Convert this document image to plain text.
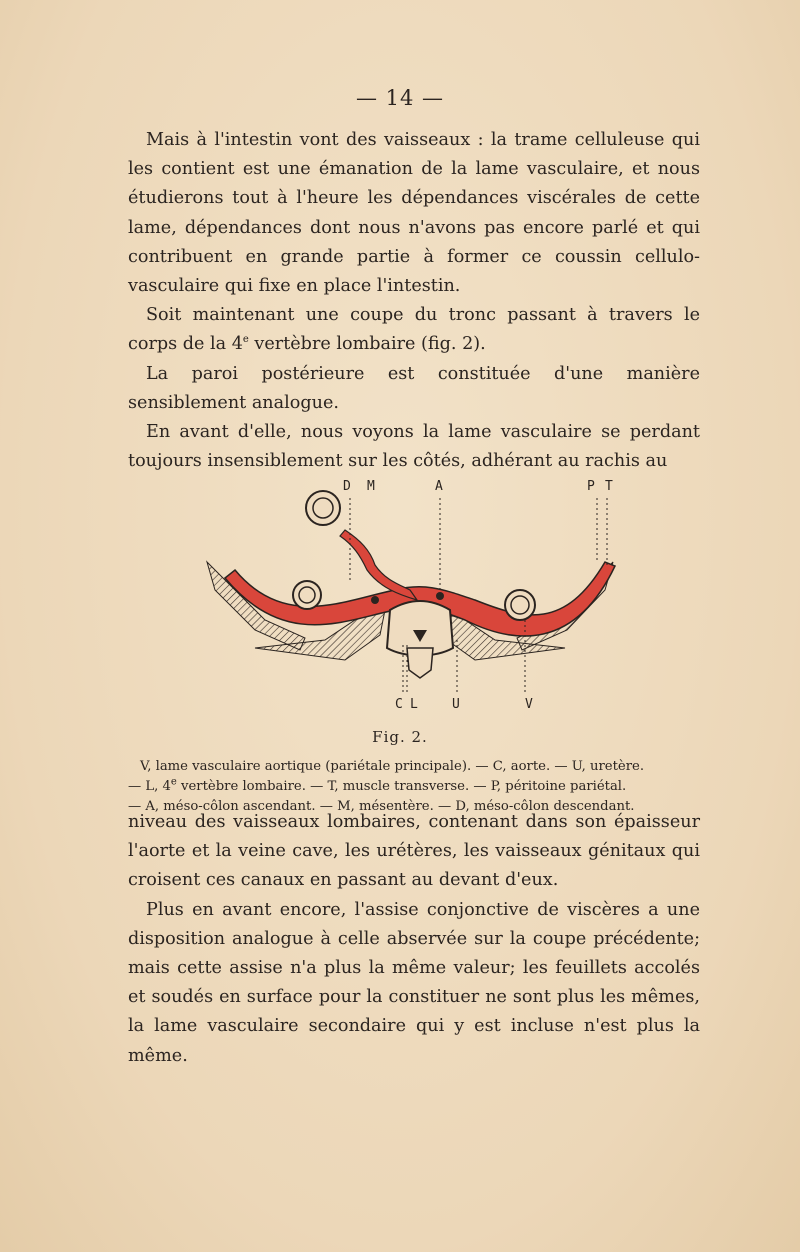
— 14 —

Mais à l'intestin vont des vaisseaux : la trame celluleuse qui les contient est une émanation de la lame vasculaire, et nous étudierons tout à l'heure les dépendances viscérales de cette lame, dépendances dont nous n'avons pas encore parlé et qui contribuent en grande partie à former ce coussin cellulo-vasculaire qui fixe en place l'intestin.

Soit maintenant une coupe du tronc passant à travers le corps de la 4e vertèbre lombaire (fig. 2).

La paroi postérieure est constituée d'une manière sensiblement analogue.

En avant d'elle, nous voyons la lame vasculaire se perdant toujours insensiblement sur les côtés, adhérant au rachis au

D M	A	P T
C L	U	V
Fig. 2.

V, lame vasculaire aortique (pariétale principale). — C, aorte. — U, uretère.

— L, 4e vertèbre lombaire. — T, muscle transverse. — P, péritoine pariétal.

— A, méso-côlon ascendant. — M, mésentère. — D, méso-côlon descendant.

niveau des vaisseaux lombaires, contenant dans son épaisseur l'aorte et la veine cave, les urétères, les vaisseaux génitaux qui croisent ces canaux en passant au devant d'eux.

Plus en avant encore, l'assise conjonctive de viscères a une disposition analogue à celle abservée sur la coupe précédente; mais cette assise n'a plus la même valeur; les feuillets accolés et soudés en surface pour la constituer ne sont plus les mêmes, la lame vasculaire secondaire qui y est incluse n'est plus la même.
